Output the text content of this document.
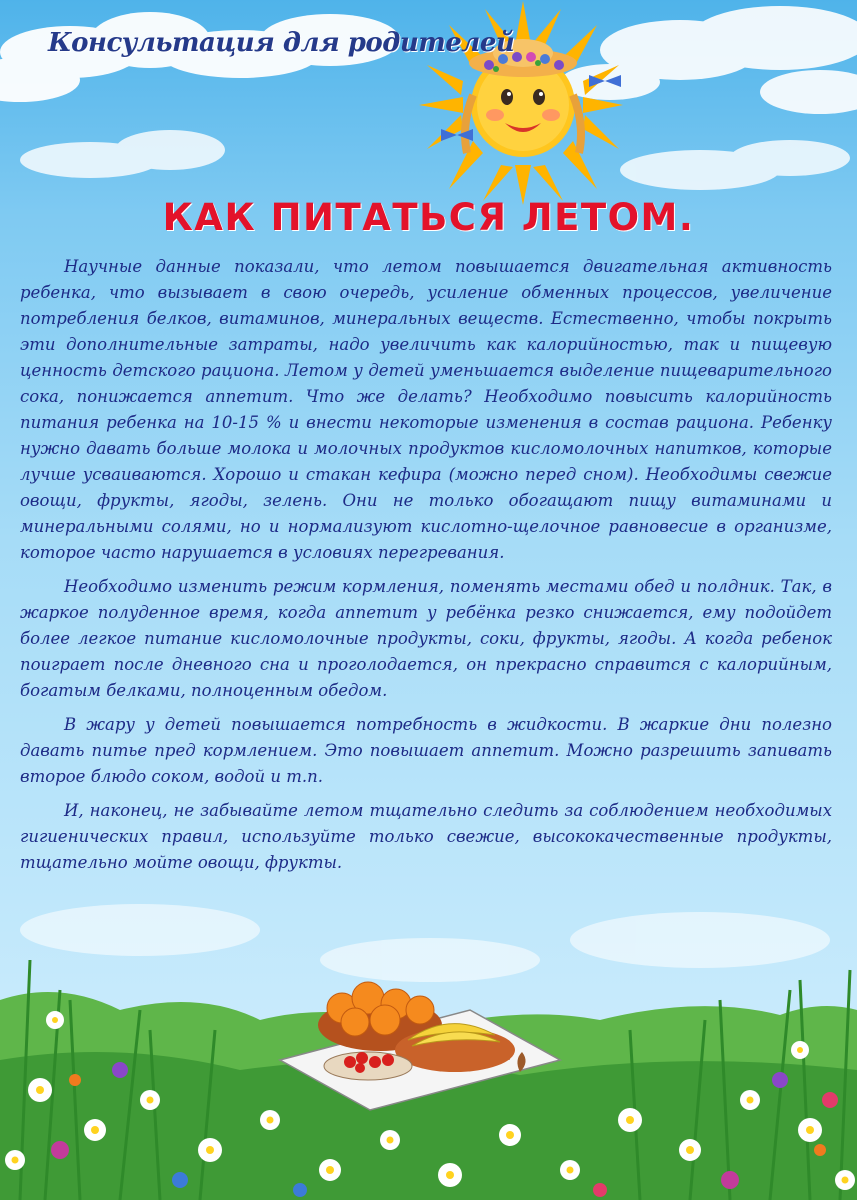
Консультация для родителей
КАК ПИТАТЬСЯ ЛЕТОМ.

Научные данные показали, что летом повышается двигательная активность ребенка, что вызывает в свою очередь, усиление обменных процессов, увеличение потребления белков, витаминов, минеральных веществ. Естественно, чтобы покрыть эти дополнительные затраты, надо увеличить как калорийностью, так и пищевую ценность детского рациона. Летом у детей уменьшается выделение пищеварительного сока, понижается аппетит. Что же делать? Необходимо повысить калорийность питания ребенка на 10-15 % и внести некоторые изменения в состав рациона. Ребенку нужно давать больше молока и молочных продуктов кисломолочных напитков, которые лучше усваиваются. Хорошо и стакан кефира (можно перед сном). Необходимы свежие овощи, фрукты, ягоды, зелень. Они не только обогащают пищу витаминами и минеральными солями, но и нормализуют кислотно-щелочное равновесие в организме, которое часто нарушается в условиях перегревания.

Необходимо изменить режим кормления, поменять местами обед и полдник. Так, в жаркое полуденное время, когда аппетит у ребёнка резко снижается, ему подойдет более легкое питание кисломолочные продукты, соки, фрукты, ягоды. А когда ребенок поиграет после дневного сна и проголодается, он прекрасно справится с калорийным, богатым белками, полноценным обедом.

В жару у детей повышается потребность в жидкости. В жаркие дни полезно давать питье пред кормлением. Это повышает аппетит. Можно разрешить запивать второе блюдо соком, водой и т.п.

И, наконец, не забывайте летом тщательно следить за соблюдением необходимых гигиенических правил, используйте только свежие, высококачественные продукты, тщательно мойте овощи, фрукты.
